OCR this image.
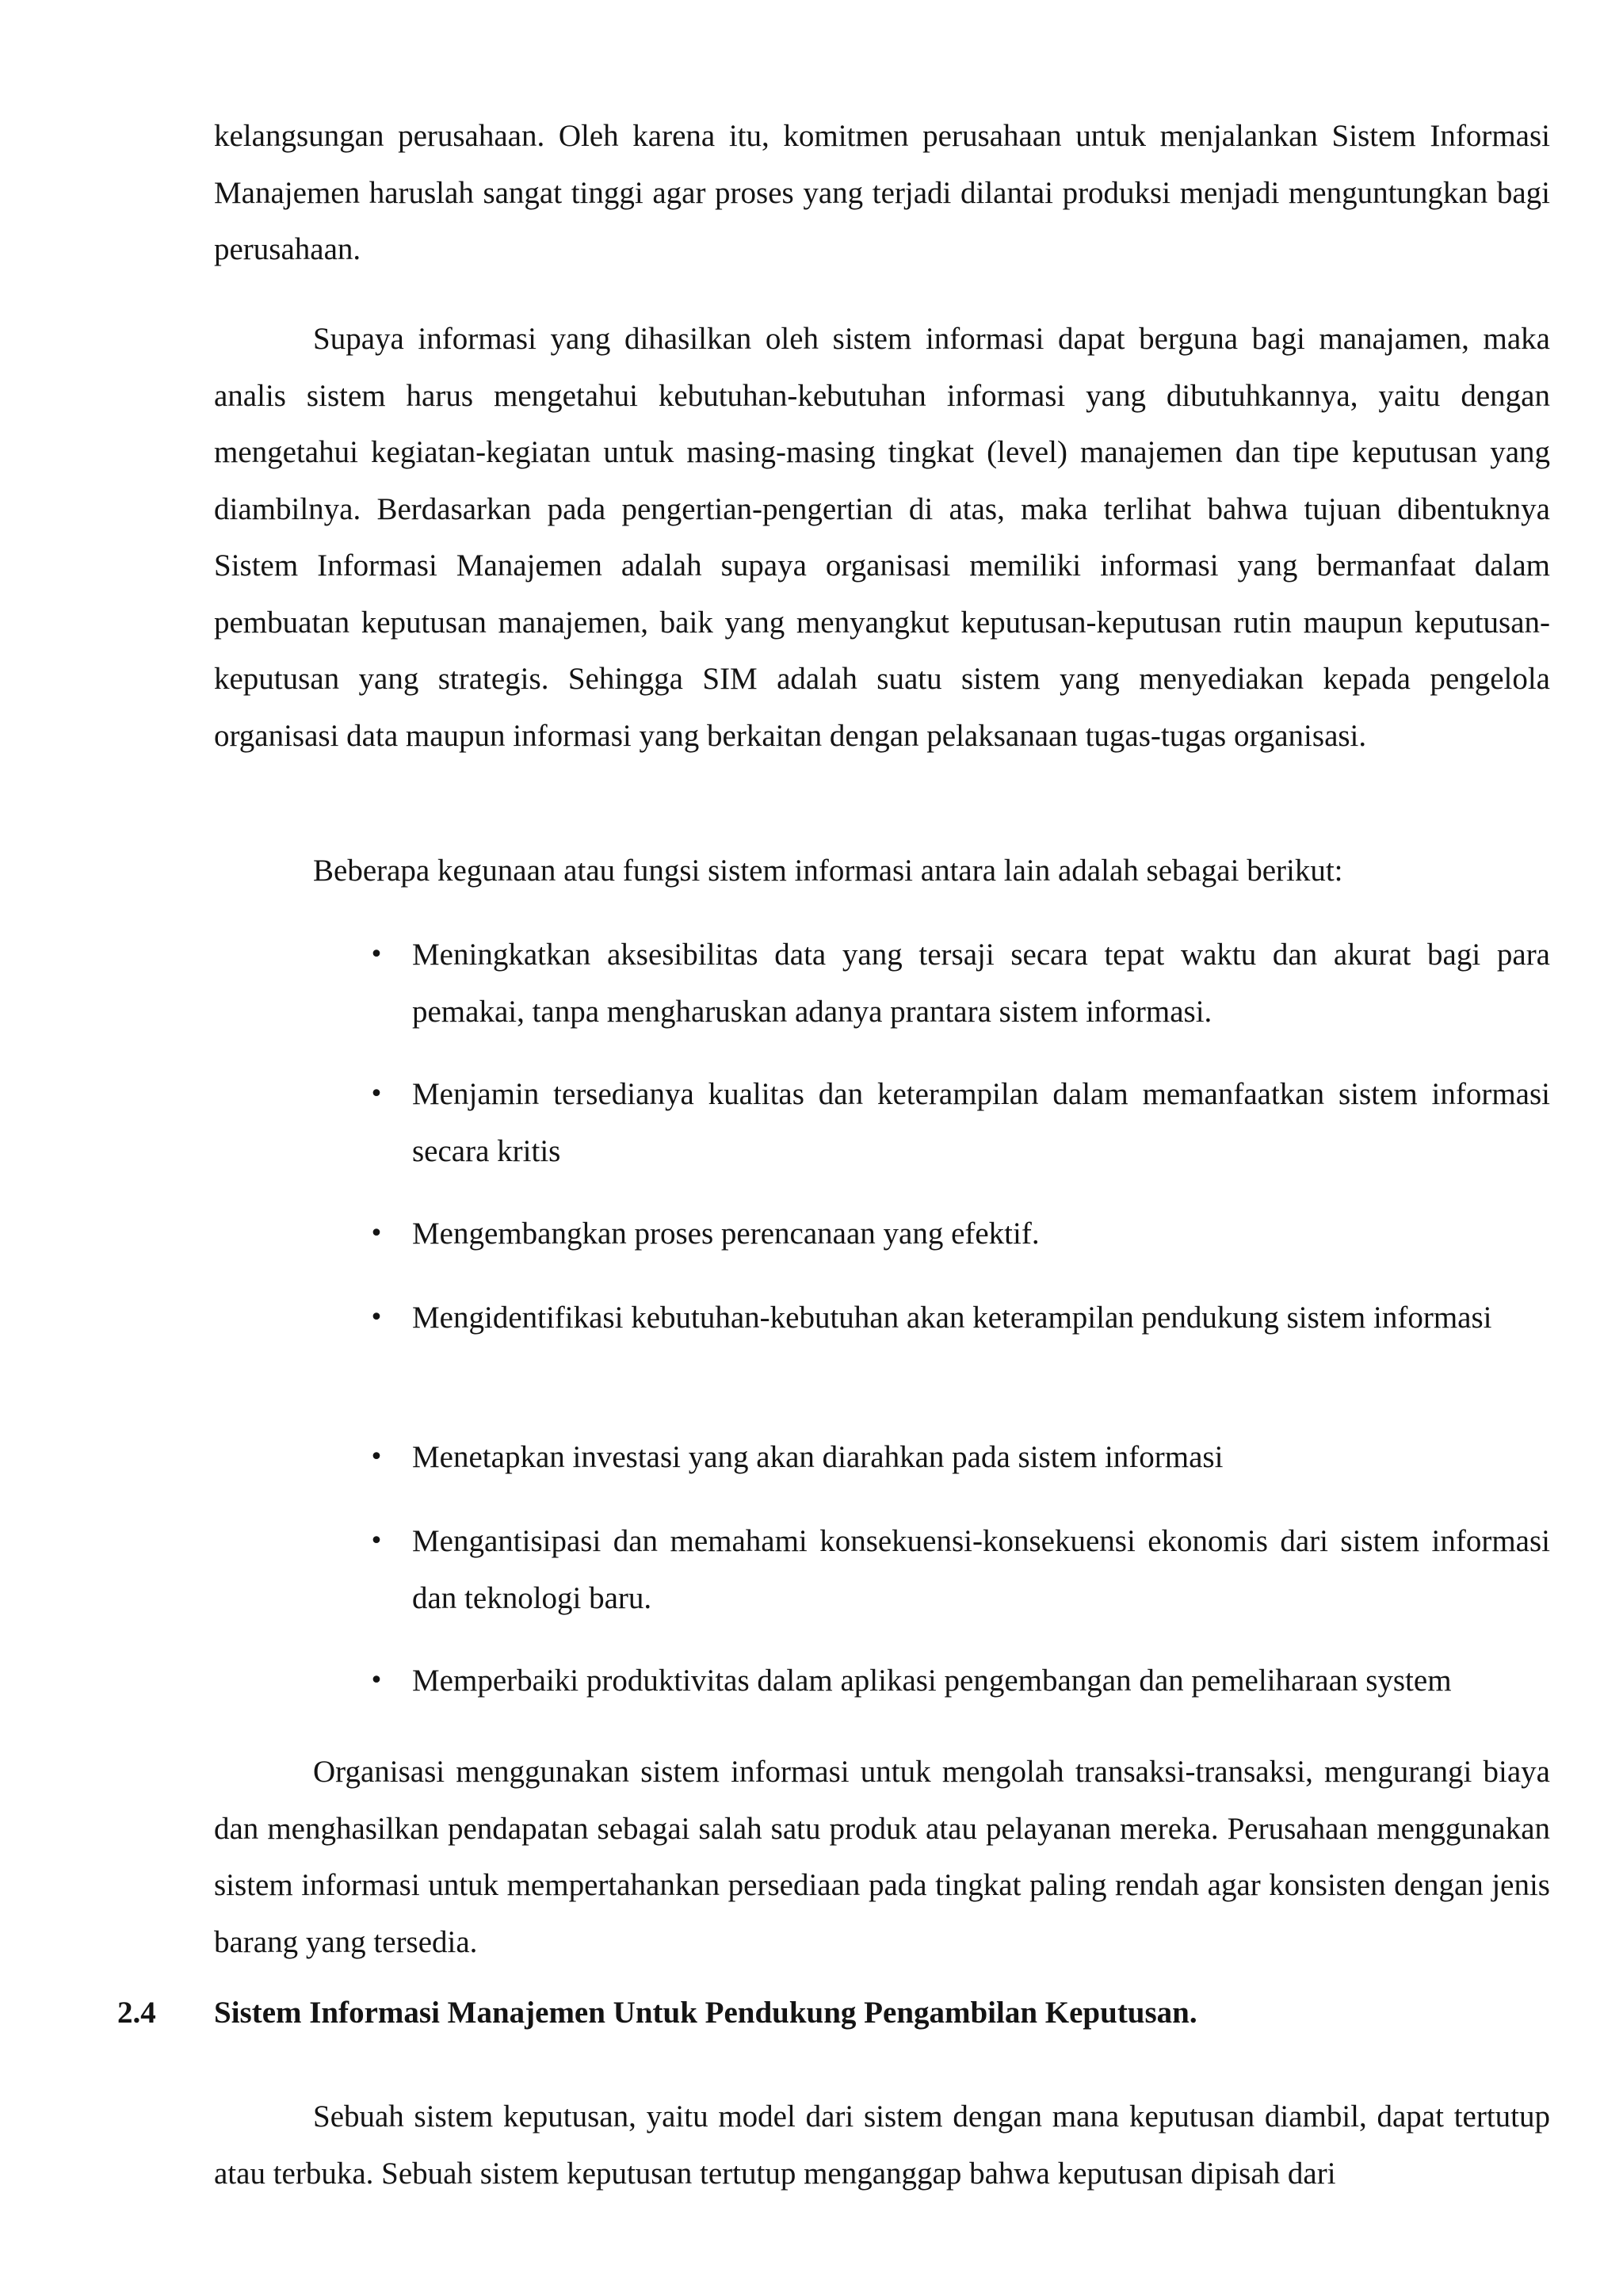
kelangsungan perusahaan. Oleh karena itu, komitmen perusahaan untuk menjalankan Sistem Informasi Manajemen haruslah sangat tinggi agar proses yang terjadi dilantai produksi menjadi menguntungkan bagi perusahaan.

Supaya informasi yang dihasilkan oleh sistem informasi dapat berguna bagi manajamen, maka analis sistem harus mengetahui kebutuhan-kebutuhan informasi yang dibutuhkannya, yaitu dengan mengetahui kegiatan-kegiatan untuk masing-masing tingkat (level) manajemen dan tipe keputusan yang diambilnya. Berdasarkan pada pengertian-pengertian di atas, maka terlihat bahwa tujuan dibentuknya Sistem Informasi Manajemen adalah supaya organisasi memiliki informasi yang bermanfaat dalam pembuatan keputusan manajemen, baik yang menyangkut keputusan-keputusan rutin maupun keputusan-keputusan yang strategis. Sehingga SIM adalah suatu sistem yang menyediakan kepada pengelola organisasi data maupun informasi yang berkaitan dengan pelaksanaan tugas-tugas organisasi.

Beberapa kegunaan atau fungsi sistem informasi antara lain adalah sebagai berikut:

• Meningkatkan aksesibilitas data yang tersaji secara tepat waktu dan akurat bagi para pemakai, tanpa mengharuskan adanya prantara sistem informasi.
• Menjamin tersedianya kualitas dan keterampilan dalam memanfaatkan sistem informasi secara kritis
• Mengembangkan proses perencanaan yang efektif.
• Mengidentifikasi kebutuhan-kebutuhan akan keterampilan pendukung sistem informasi
• Menetapkan investasi yang akan diarahkan pada sistem informasi
• Mengantisipasi dan memahami konsekuensi-konsekuensi ekonomis dari sistem informasi dan teknologi baru.
• Memperbaiki produktivitas dalam aplikasi pengembangan dan pemeliharaan system

Organisasi menggunakan sistem informasi untuk mengolah transaksi-transaksi, mengurangi biaya dan menghasilkan pendapatan sebagai salah satu produk atau pelayanan mereka. Perusahaan menggunakan sistem informasi untuk mempertahankan persediaan pada tingkat paling rendah agar konsisten dengan jenis barang yang tersedia.

2.4 Sistem Informasi Manajemen Untuk Pendukung Pengambilan Keputusan.

Sebuah sistem keputusan, yaitu model dari sistem dengan mana keputusan diambil, dapat tertutup atau terbuka. Sebuah sistem keputusan tertutup menganggap bahwa keputusan dipisah dari
